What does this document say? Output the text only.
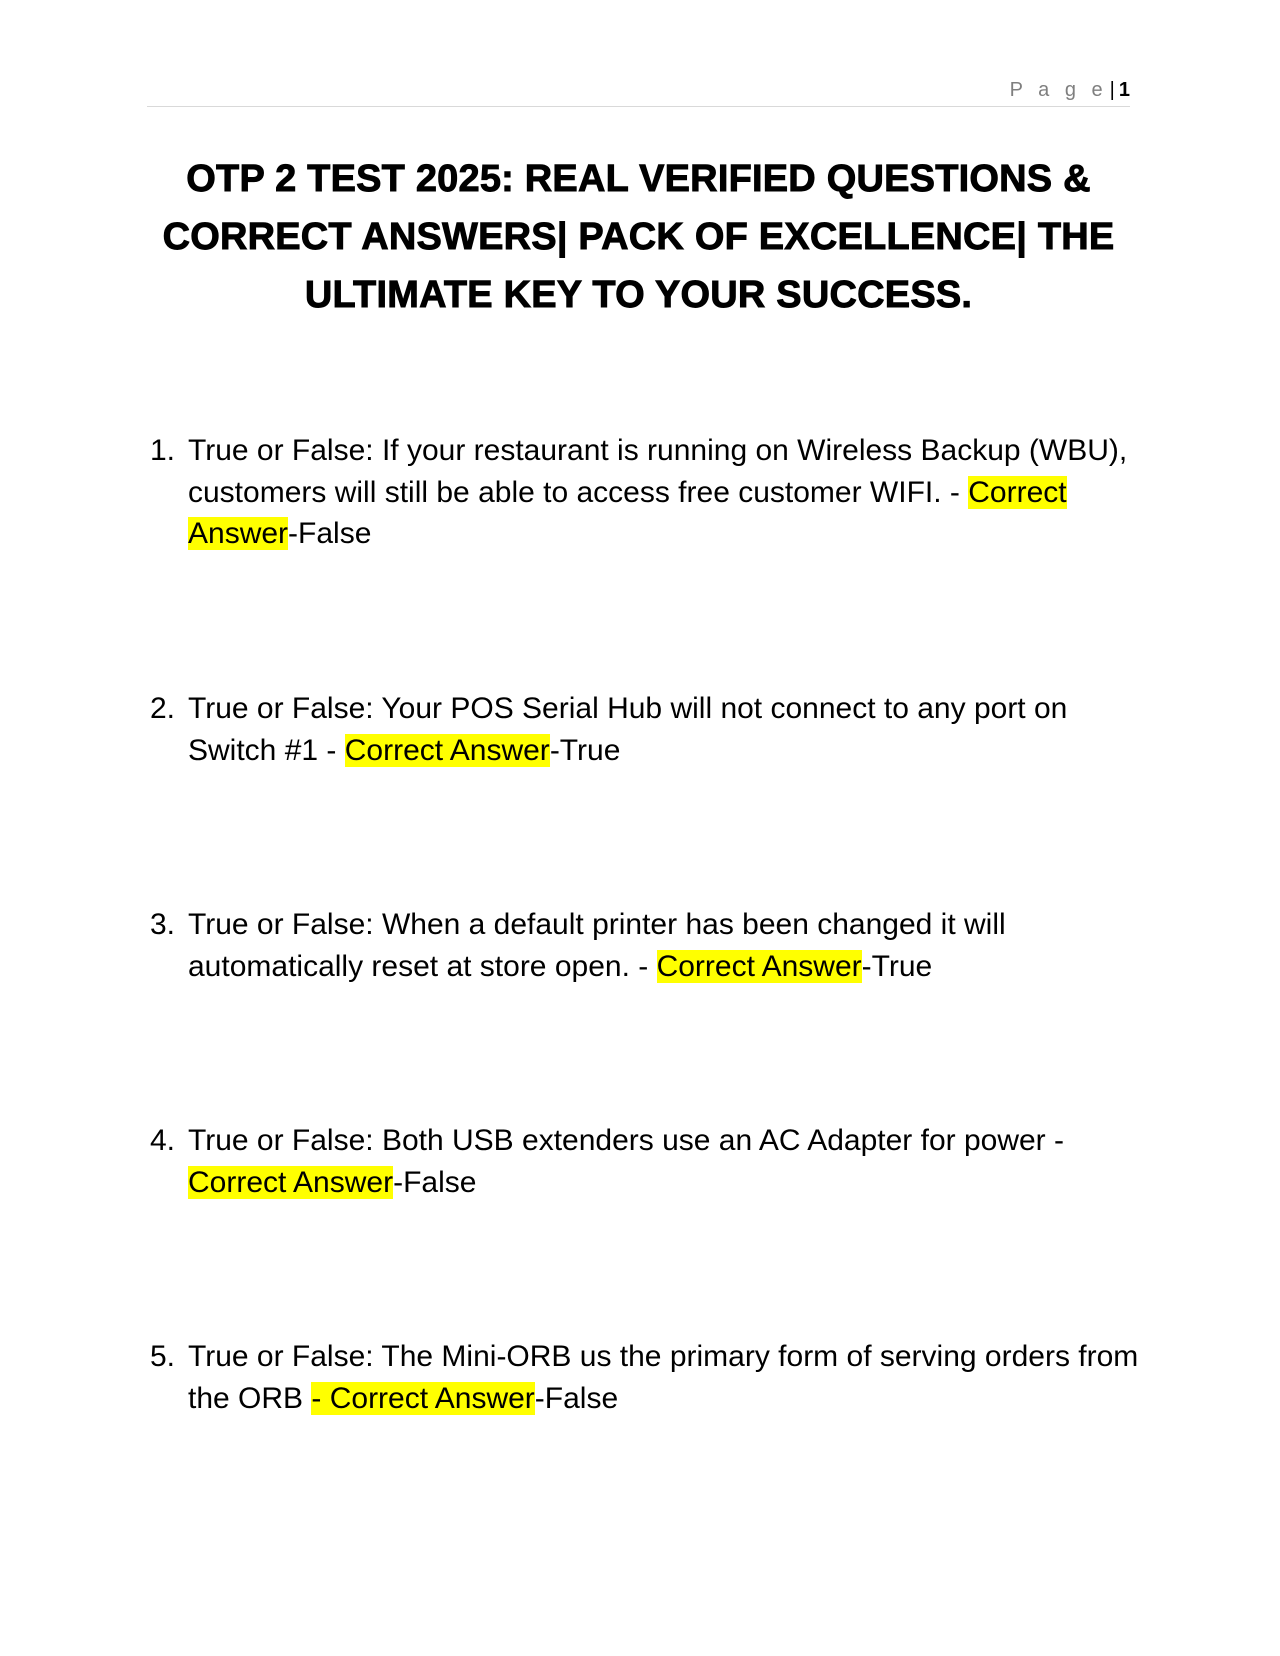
P a g e | 1
OTP 2 TEST 2025: REAL VERIFIED QUESTIONS & CORRECT ANSWERS| PACK OF EXCELLENCE| THE ULTIMATE KEY TO YOUR SUCCESS.
1. True or False: If your restaurant is running on Wireless Backup (WBU), customers will still be able to access free customer WIFI. - Correct Answer-False
2. True or False: Your POS Serial Hub will not connect to any port on Switch #1 - Correct Answer-True
3. True or False: When a default printer has been changed it will automatically reset at store open. - Correct Answer-True
4. True or False: Both USB extenders use an AC Adapter for power - Correct Answer-False
5. True or False: The Mini-ORB us the primary form of serving orders from the ORB - Correct Answer-False
